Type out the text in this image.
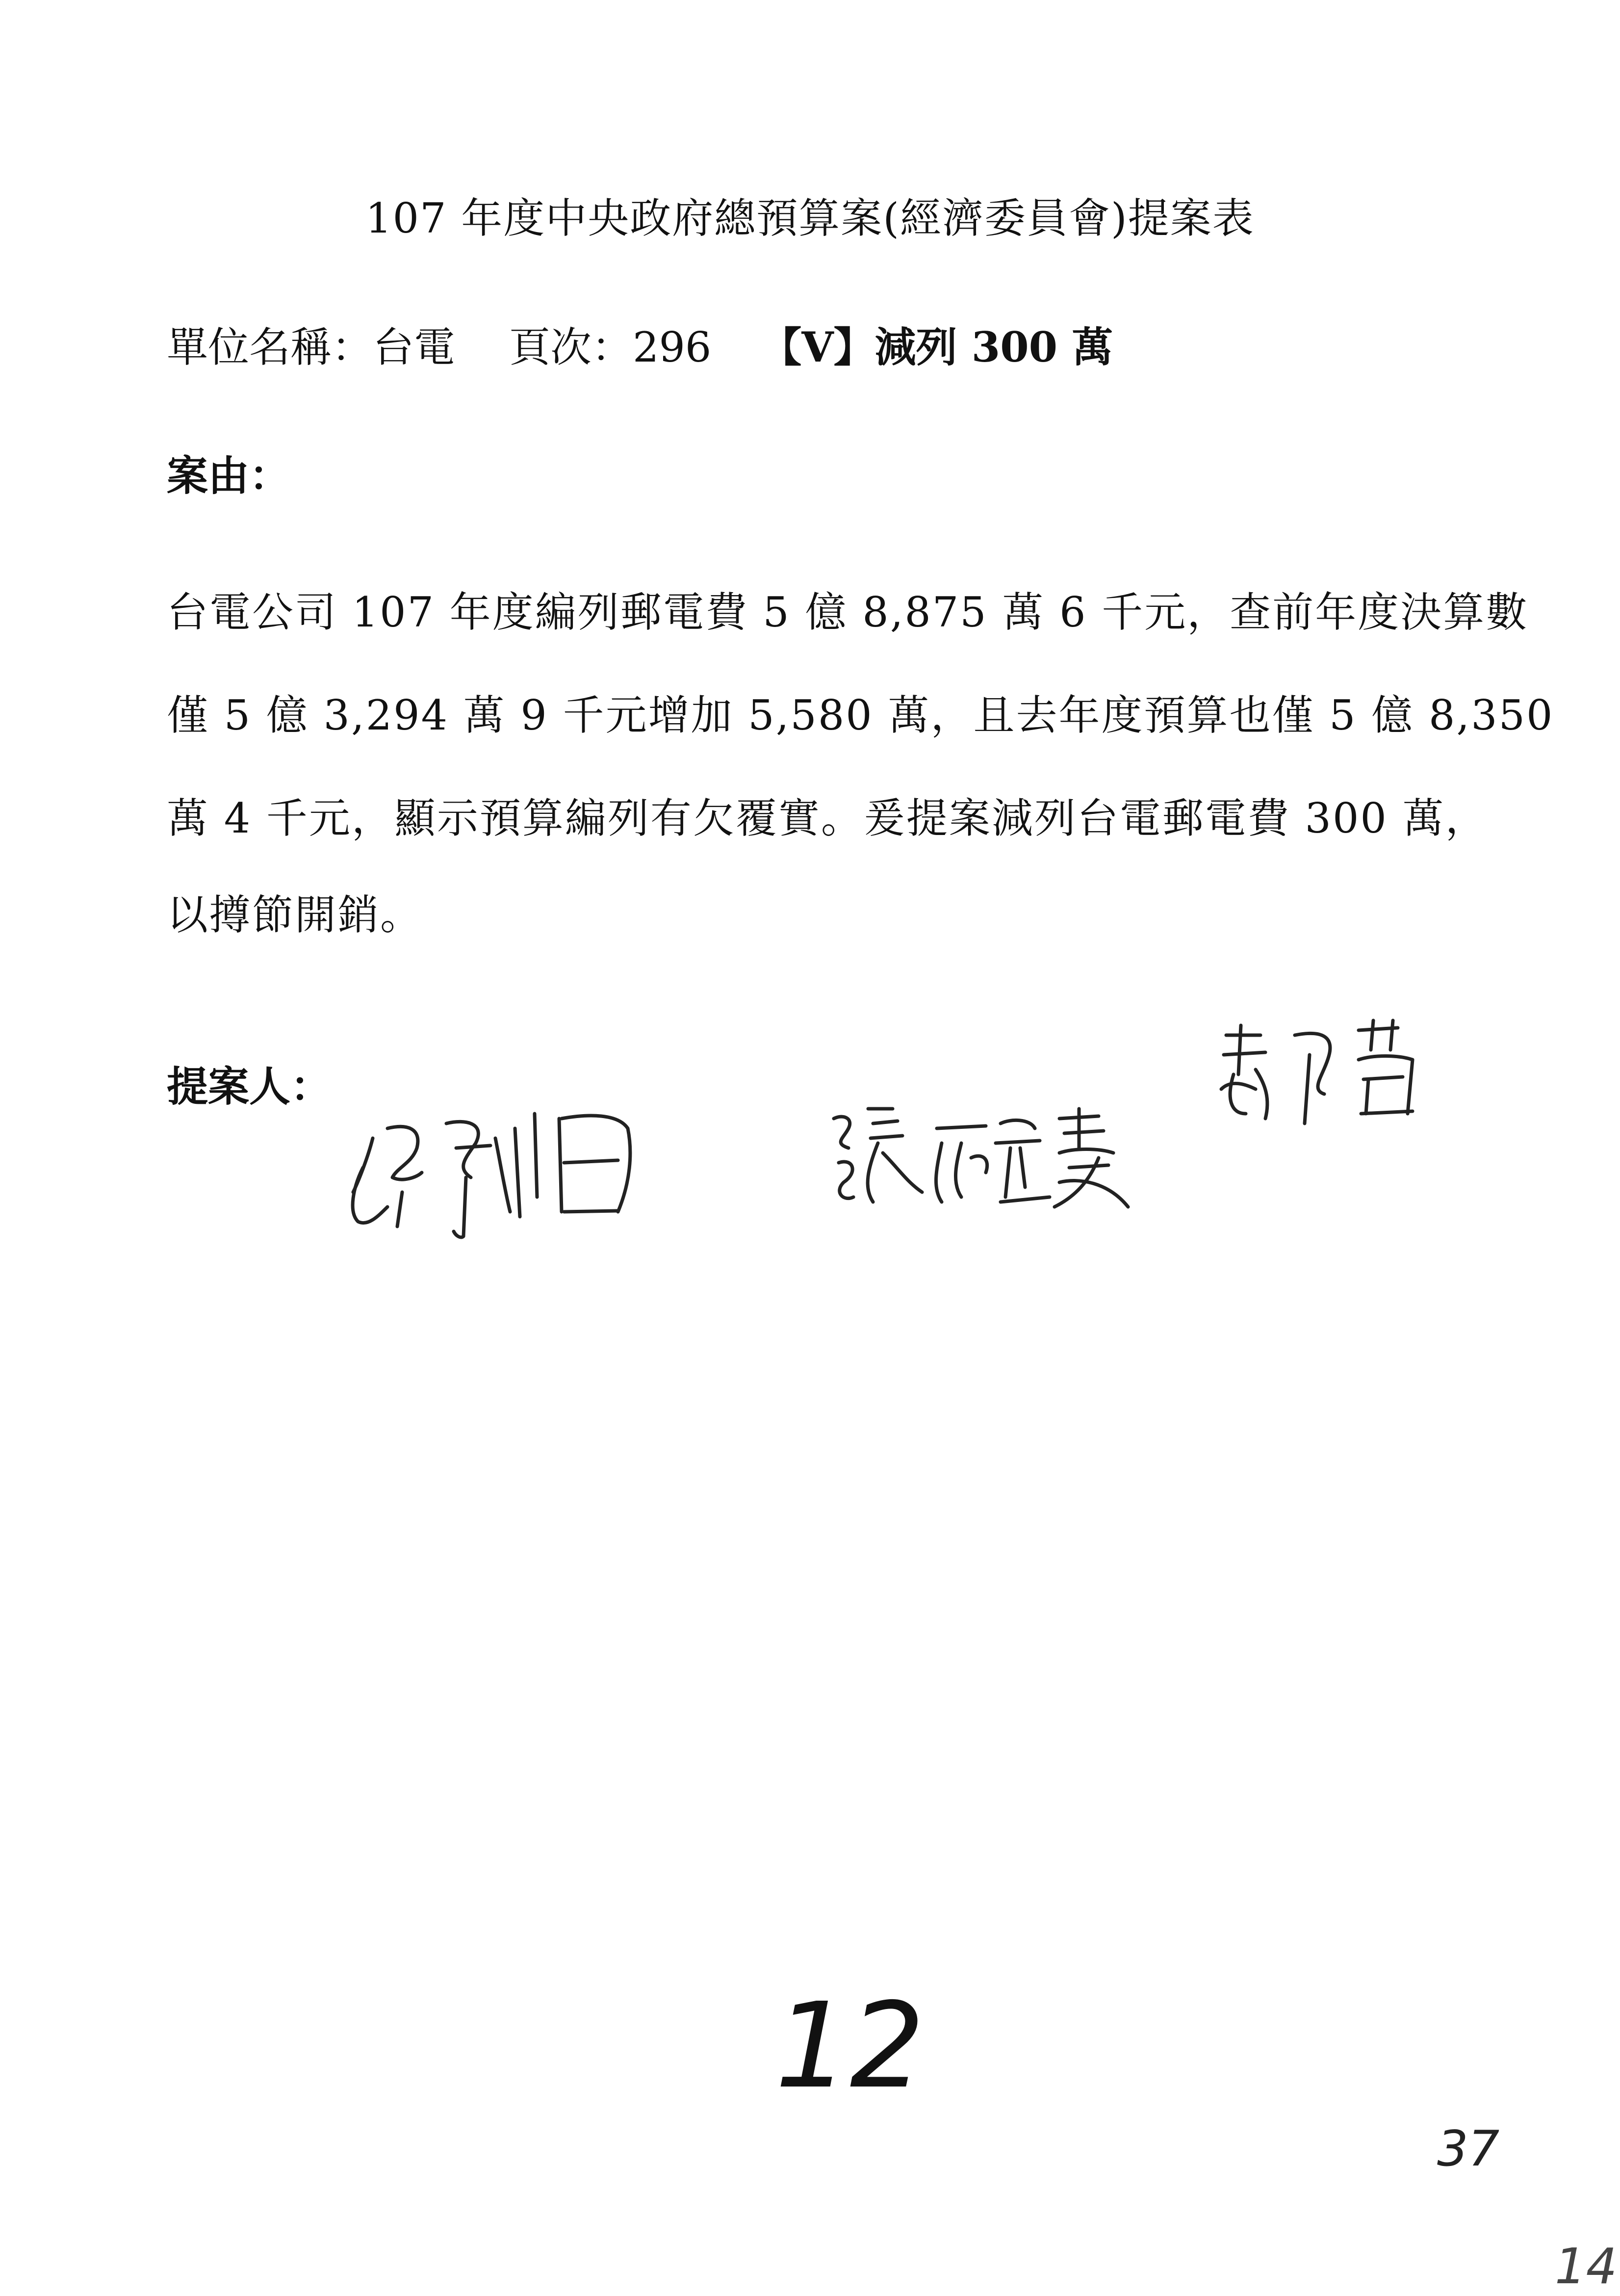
107 年度中央政府總預算案(經濟委員會)提案表
單位名稱：台電 頁次：296 【V】減列 300 萬
案由：
台電公司 107 年度編列郵電費 5 億 8,875 萬 6 千元，查前年度決算數
僅 5 億 3,294 萬 9 千元增加 5,580 萬，且去年度預算也僅 5 億 8,350
萬 4 千元，顯示預算編列有欠覆實。爰提案減列台電郵電費 300 萬，
以撙節開銷。
提案人：
12
37
14
